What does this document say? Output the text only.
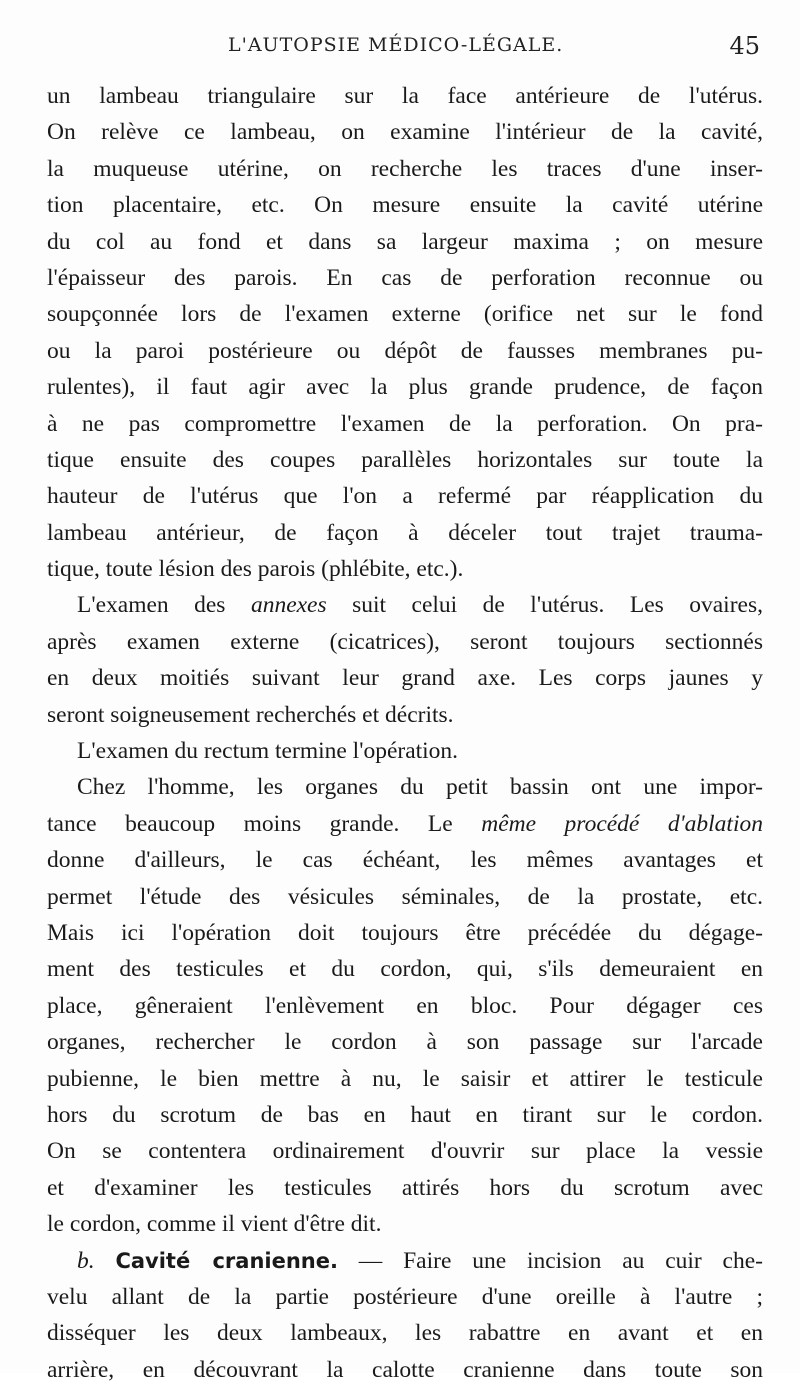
L'AUTOPSIE MÉDICO-LÉGALE.	45
un lambeau triangulaire sur la face antérieure de l'utérus.
On relève ce lambeau, on examine l'intérieur de la cavité,
la muqueuse utérine, on recherche les traces d'une inser-
tion placentaire, etc. On mesure ensuite la cavité utérine
du col au fond et dans sa largeur maxima ; on mesure
l'épaisseur des parois. En cas de perforation reconnue ou
soupçonnée lors de l'examen externe (orifice net sur le fond
ou la paroi postérieure ou dépôt de fausses membranes pu-
rulentes), il faut agir avec la plus grande prudence, de façon
à ne pas compromettre l'examen de la perforation. On pra-
tique ensuite des coupes parallèles horizontales sur toute la
hauteur de l'utérus que l'on a refermé par réapplication du
lambeau antérieur, de façon à déceler tout trajet trauma-
tique, toute lésion des parois (phlébite, etc.).
L'examen des annexes suit celui de l'utérus. Les ovaires,
après examen externe (cicatrices), seront toujours sectionnés
en deux moitiés suivant leur grand axe. Les corps jaunes y
seront soigneusement recherchés et décrits.
L'examen du rectum termine l'opération.
Chez l'homme, les organes du petit bassin ont une impor-
tance beaucoup moins grande. Le même procédé d'ablation
donne d'ailleurs, le cas échéant, les mêmes avantages et
permet l'étude des vésicules séminales, de la prostate, etc.
Mais ici l'opération doit toujours être précédée du dégage-
ment des testicules et du cordon, qui, s'ils demeuraient en
place, gêneraient l'enlèvement en bloc. Pour dégager ces
organes, rechercher le cordon à son passage sur l'arcade
pubienne, le bien mettre à nu, le saisir et attirer le testicule
hors du scrotum de bas en haut en tirant sur le cordon.
On se contentera ordinairement d'ouvrir sur place la vessie
et d'examiner les testicules attirés hors du scrotum avec
le cordon, comme il vient d'être dit.
b. Cavité cranienne. — Faire une incision au cuir che-
velu allant de la partie postérieure d'une oreille à l'autre ;
disséquer les deux lambeaux, les rabattre en avant et en
arrière, en découvrant la calotte cranienne dans toute son
